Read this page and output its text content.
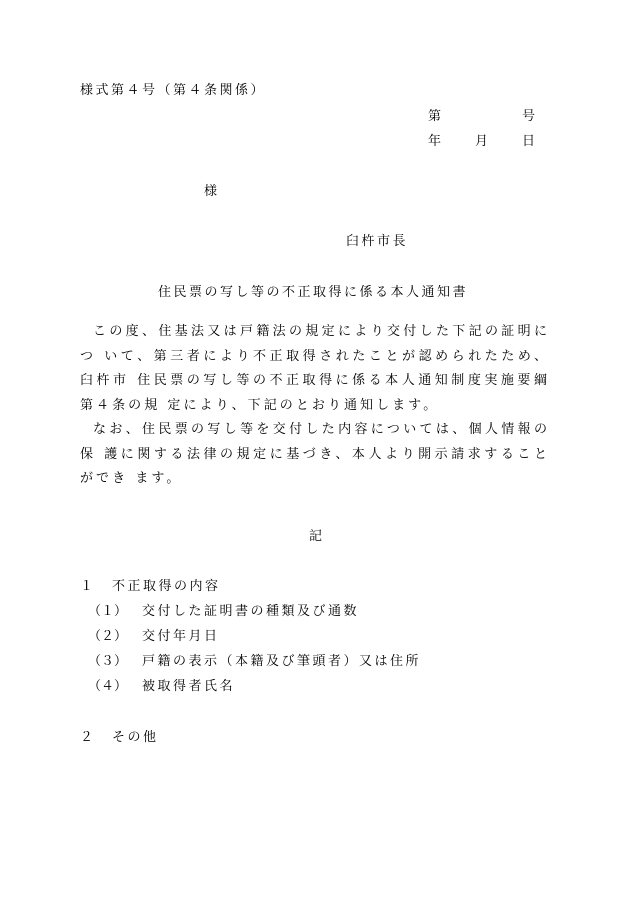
様式第４号（第４条関係）
第	号
年	月	日
様
臼杵市長
住民票の写し等の不正取得に係る本人通知書

この度、住基法又は戸籍法の規定により交付した下記の証明につ いて、第三者により不正取得されたことが認められたため、臼杵市 住民票の写し等の不正取得に係る本人通知制度実施要綱第４条の規 定により、下記のとおり通知します。

なお、住民票の写し等を交付した内容については、個人情報の保 護に関する法律の規定に基づき、本人より開示請求することができ ます。

記
１ 不正取得の内容
（１） 交付した証明書の種類及び通数
（２） 交付年月日
（３） 戸籍の表示（本籍及び筆頭者）又は住所
（４） 被取得者氏名
２ その他
